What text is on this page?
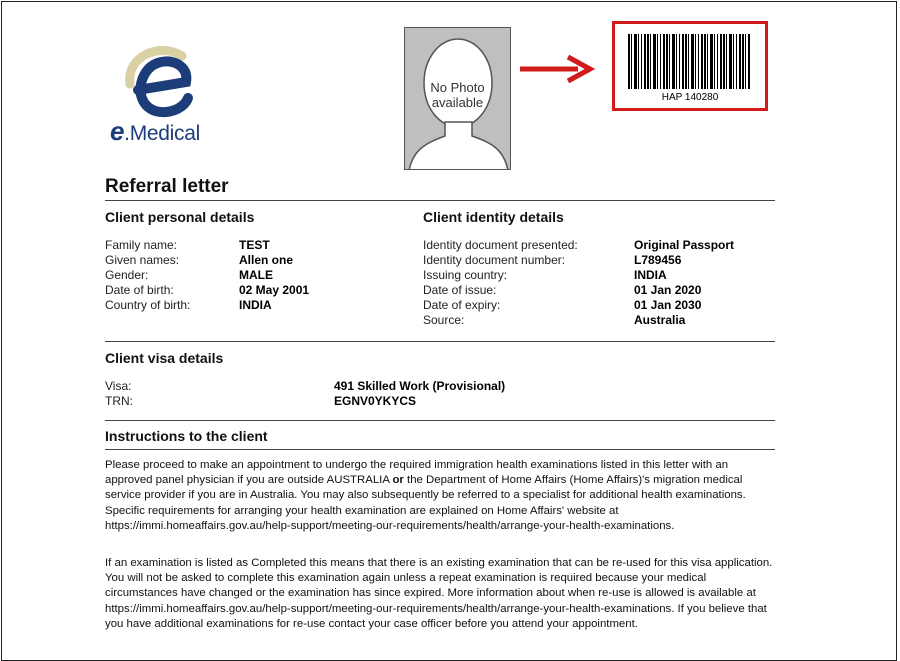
e.Medical
No Photo
available	HAP 140280
Referral letter
Client personal details
Family name:	TEST
Given names:	Allen one
Gender:	MALE
Date of birth:	02 May 2001
Country of birth:	INDIA
Client identity details
Identity document presented:	Original Passport
Identity document number:	L789456
Issuing country:	INDIA
Date of issue:	01 Jan 2020
Date of expiry:	01 Jan 2030
Source:	Australia
Client visa details
Visa:	491 Skilled Work (Provisional)
TRN:	EGNV0YKYCS
Instructions to the client
Please proceed to make an appointment to undergo the required immigration health examinations listed in this letter with an approved panel physician if you are outside AUSTRALIA or the Department of Home Affairs (Home Affairs)'s migration medical service provider if you are in Australia. You may also subsequently be referred to a specialist for additional health examinations. Specific requirements for arranging your health examination are explained on Home Affairs' website at https://immi.homeaffairs.gov.au/help-support/meeting-our-requirements/health/arrange-your-health-examinations.
If an examination is listed as Completed this means that there is an existing examination that can be re-used for this visa application. You will not be asked to complete this examination again unless a repeat examination is required because your medical circumstances have changed or the examination has since expired. More information about when re-use is allowed is available at https://immi.homeaffairs.gov.au/help-support/meeting-our-requirements/health/arrange-your-health-examinations. If you believe that you have additional examinations for re-use contact your case officer before you attend your appointment.
